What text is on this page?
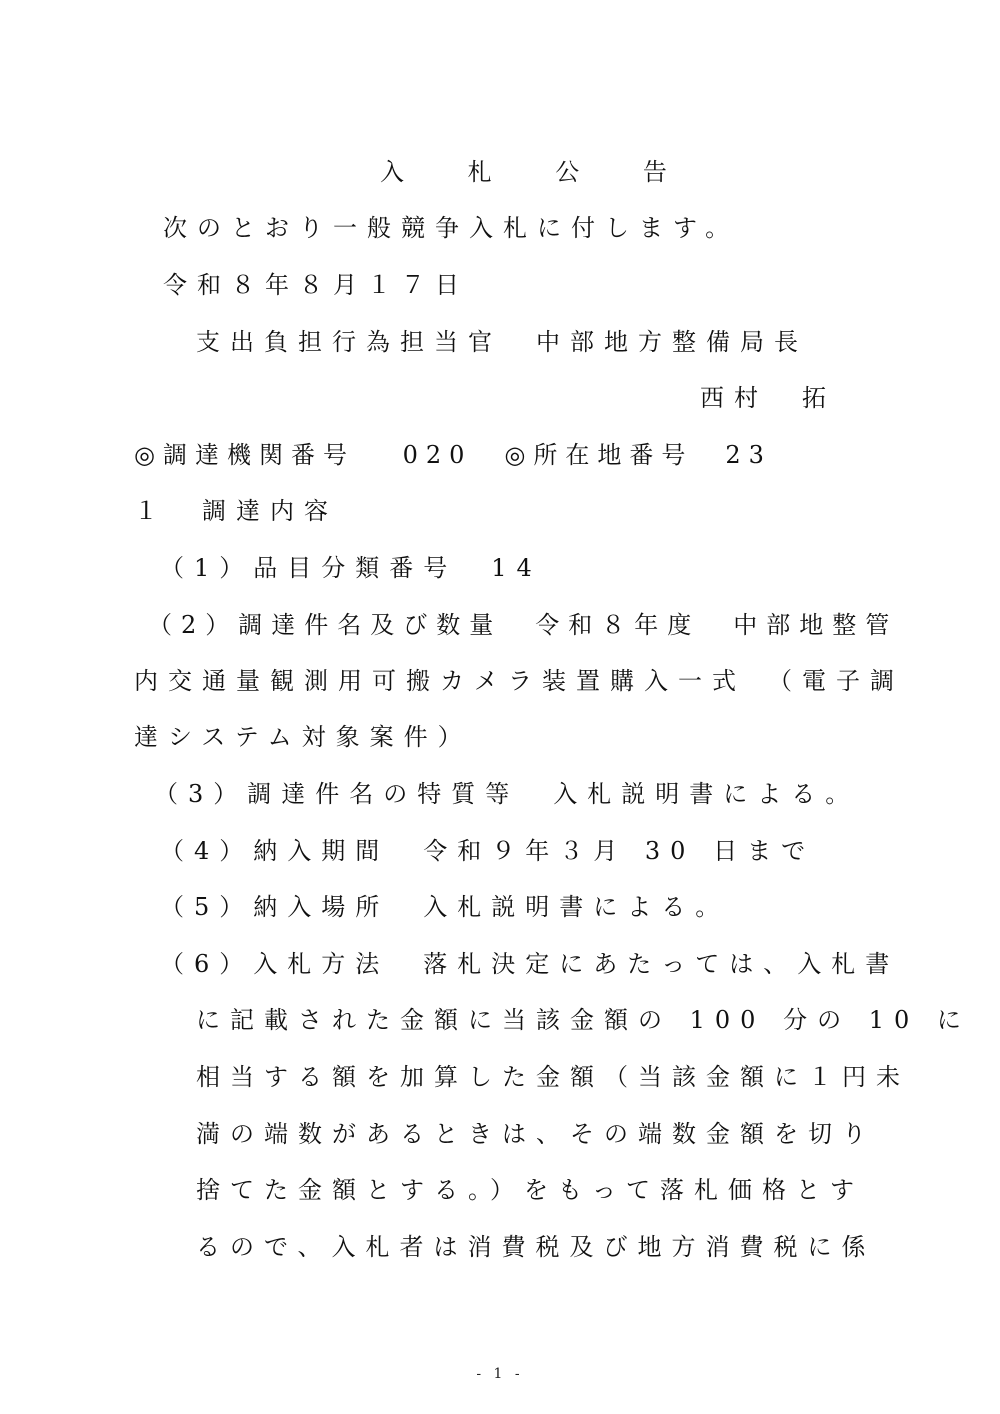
入 札 公 告
次のとおり一般競争入札に付します。
令和８年８月１７日
支出負担行為担当官　中部地方整備局長
西村　拓
◎調達機関番号　 020　◎所在地番号　23
１　調達内容
（1）品目分類番号　14
（2）調達件名及び数量　令和８年度　中部地整管
内交通量観測用可搬カメラ装置購入一式　（電子調
達システム対象案件）
（3）調達件名の特質等　入札説明書による。
（4）納入期間　令和９年３月 30 日まで
（5）納入場所　入札説明書による。
（6）入札方法　落札決定にあたっては、入札書
に記載された金額に当該金額の 100 分の 10 に
相当する額を加算した金額（当該金額に１円未
満の端数があるときは、その端数金額を切り
捨てた金額とする。）をもって落札価格とす
るので、入札者は消費税及び地方消費税に係
- 1 -
